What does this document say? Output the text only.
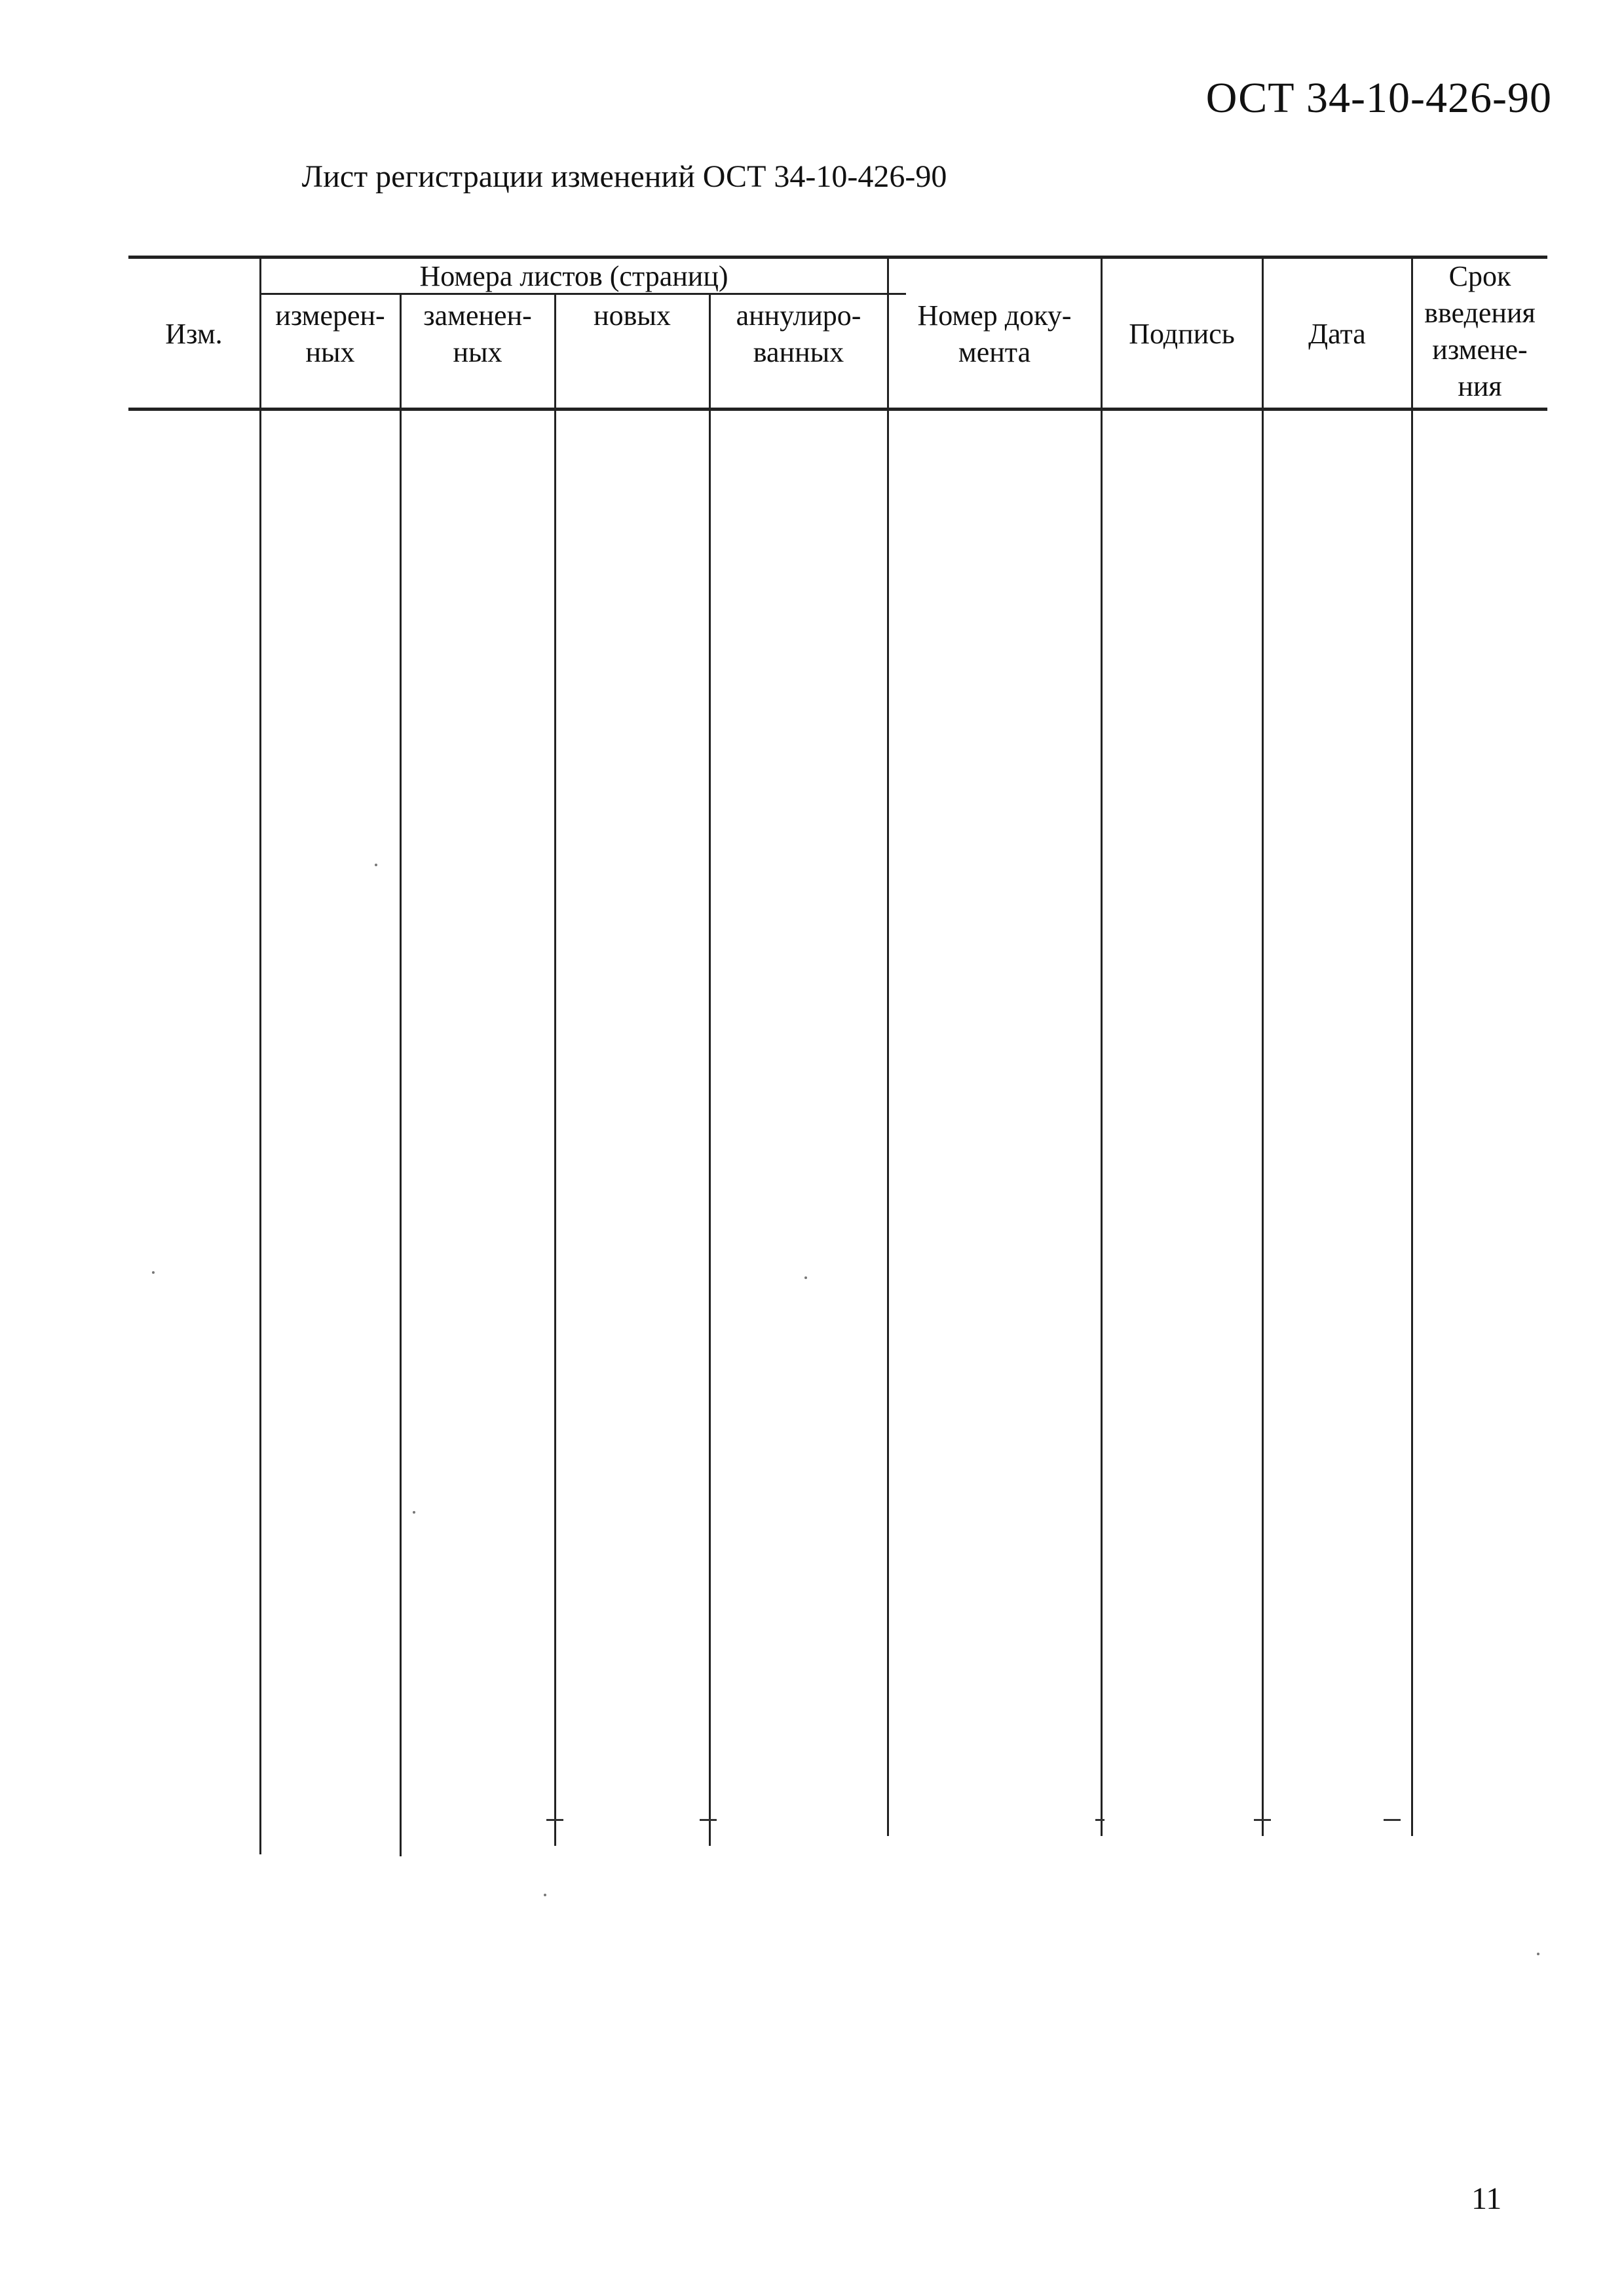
ОСТ 34-10-426-90
Лист регистрации изменений ОСТ 34-10-426-90
Изм.
Номера листов (страниц)
измерен-
ных
заменен-
ных
новых	аннулиро-
ванных
Номер доку-
мента
Подпись	Дата
Срок
введения
измене-
ния
11
